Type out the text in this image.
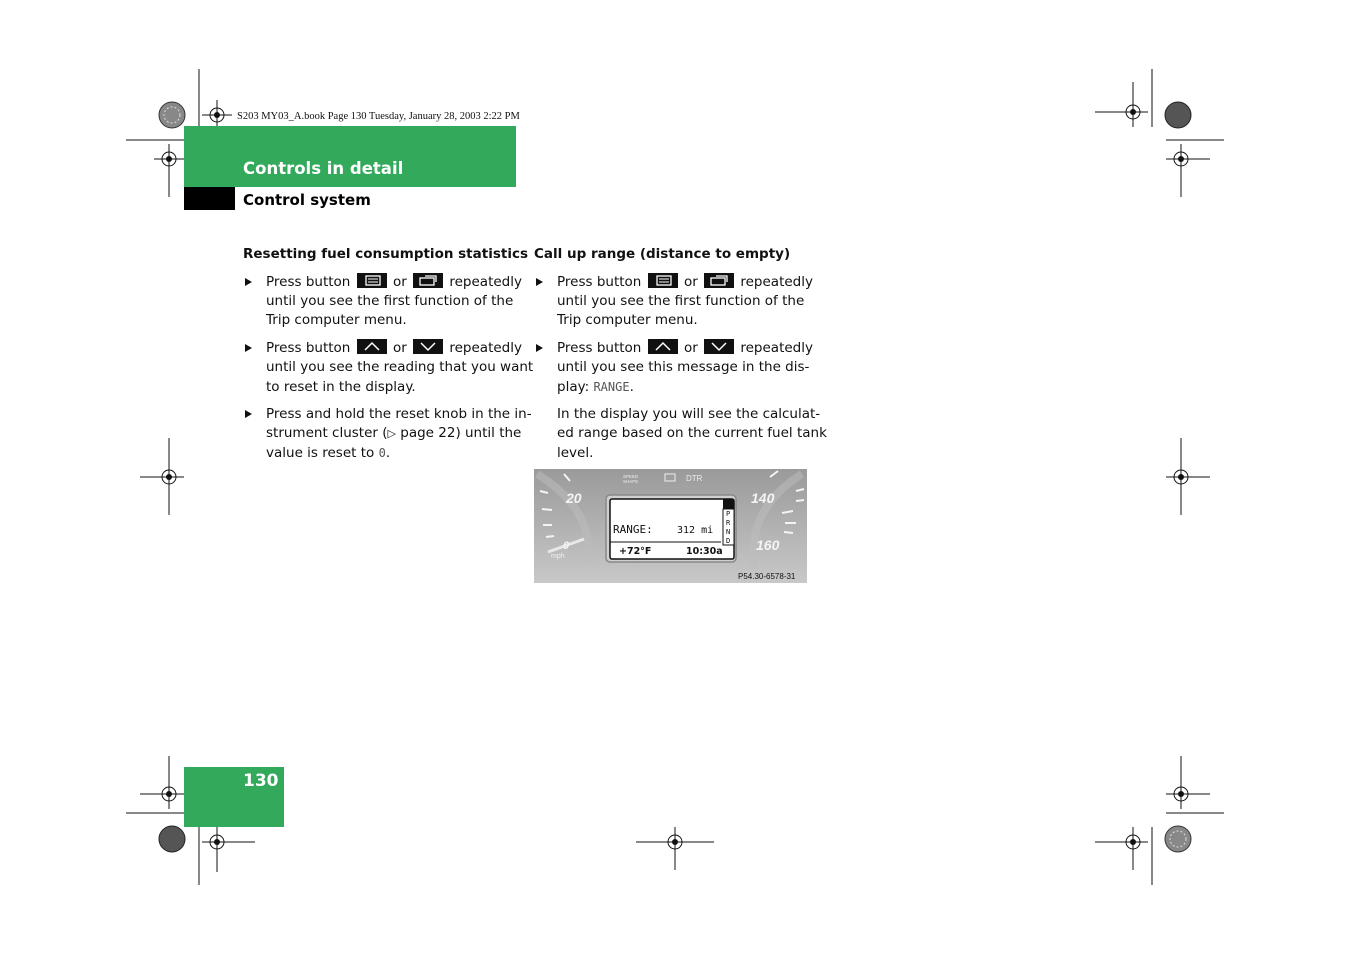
S203 MY03_A.book Page 130 Tuesday, January 28, 2003 2:22 PM
Controls in detail
Control system
Resetting fuel consumption statistics
Press button	or	repeatedly
until you see the first function of the
Trip computer menu.
Press button	or	repeatedly
until you see the reading that you want
to reset in the display.
Press and hold the reset knob in the in-
strument cluster (▷ page 22) until the
value is reset to 0.
Call up range (distance to empty)
Press button	or	repeatedly
until you see the first function of the
Trip computer menu.
Press button	or	repeatedly
until you see this message in the dis-
play: RANGE.
In the display you will see the calculat-
ed range based on the current fuel tank
level.
20	140
160
0
mph
SPEED
SHAPE	DTR
RANGE: 312 mi
+72°F	10:30a
P
R
N
D
P54.30-6578-31
130
